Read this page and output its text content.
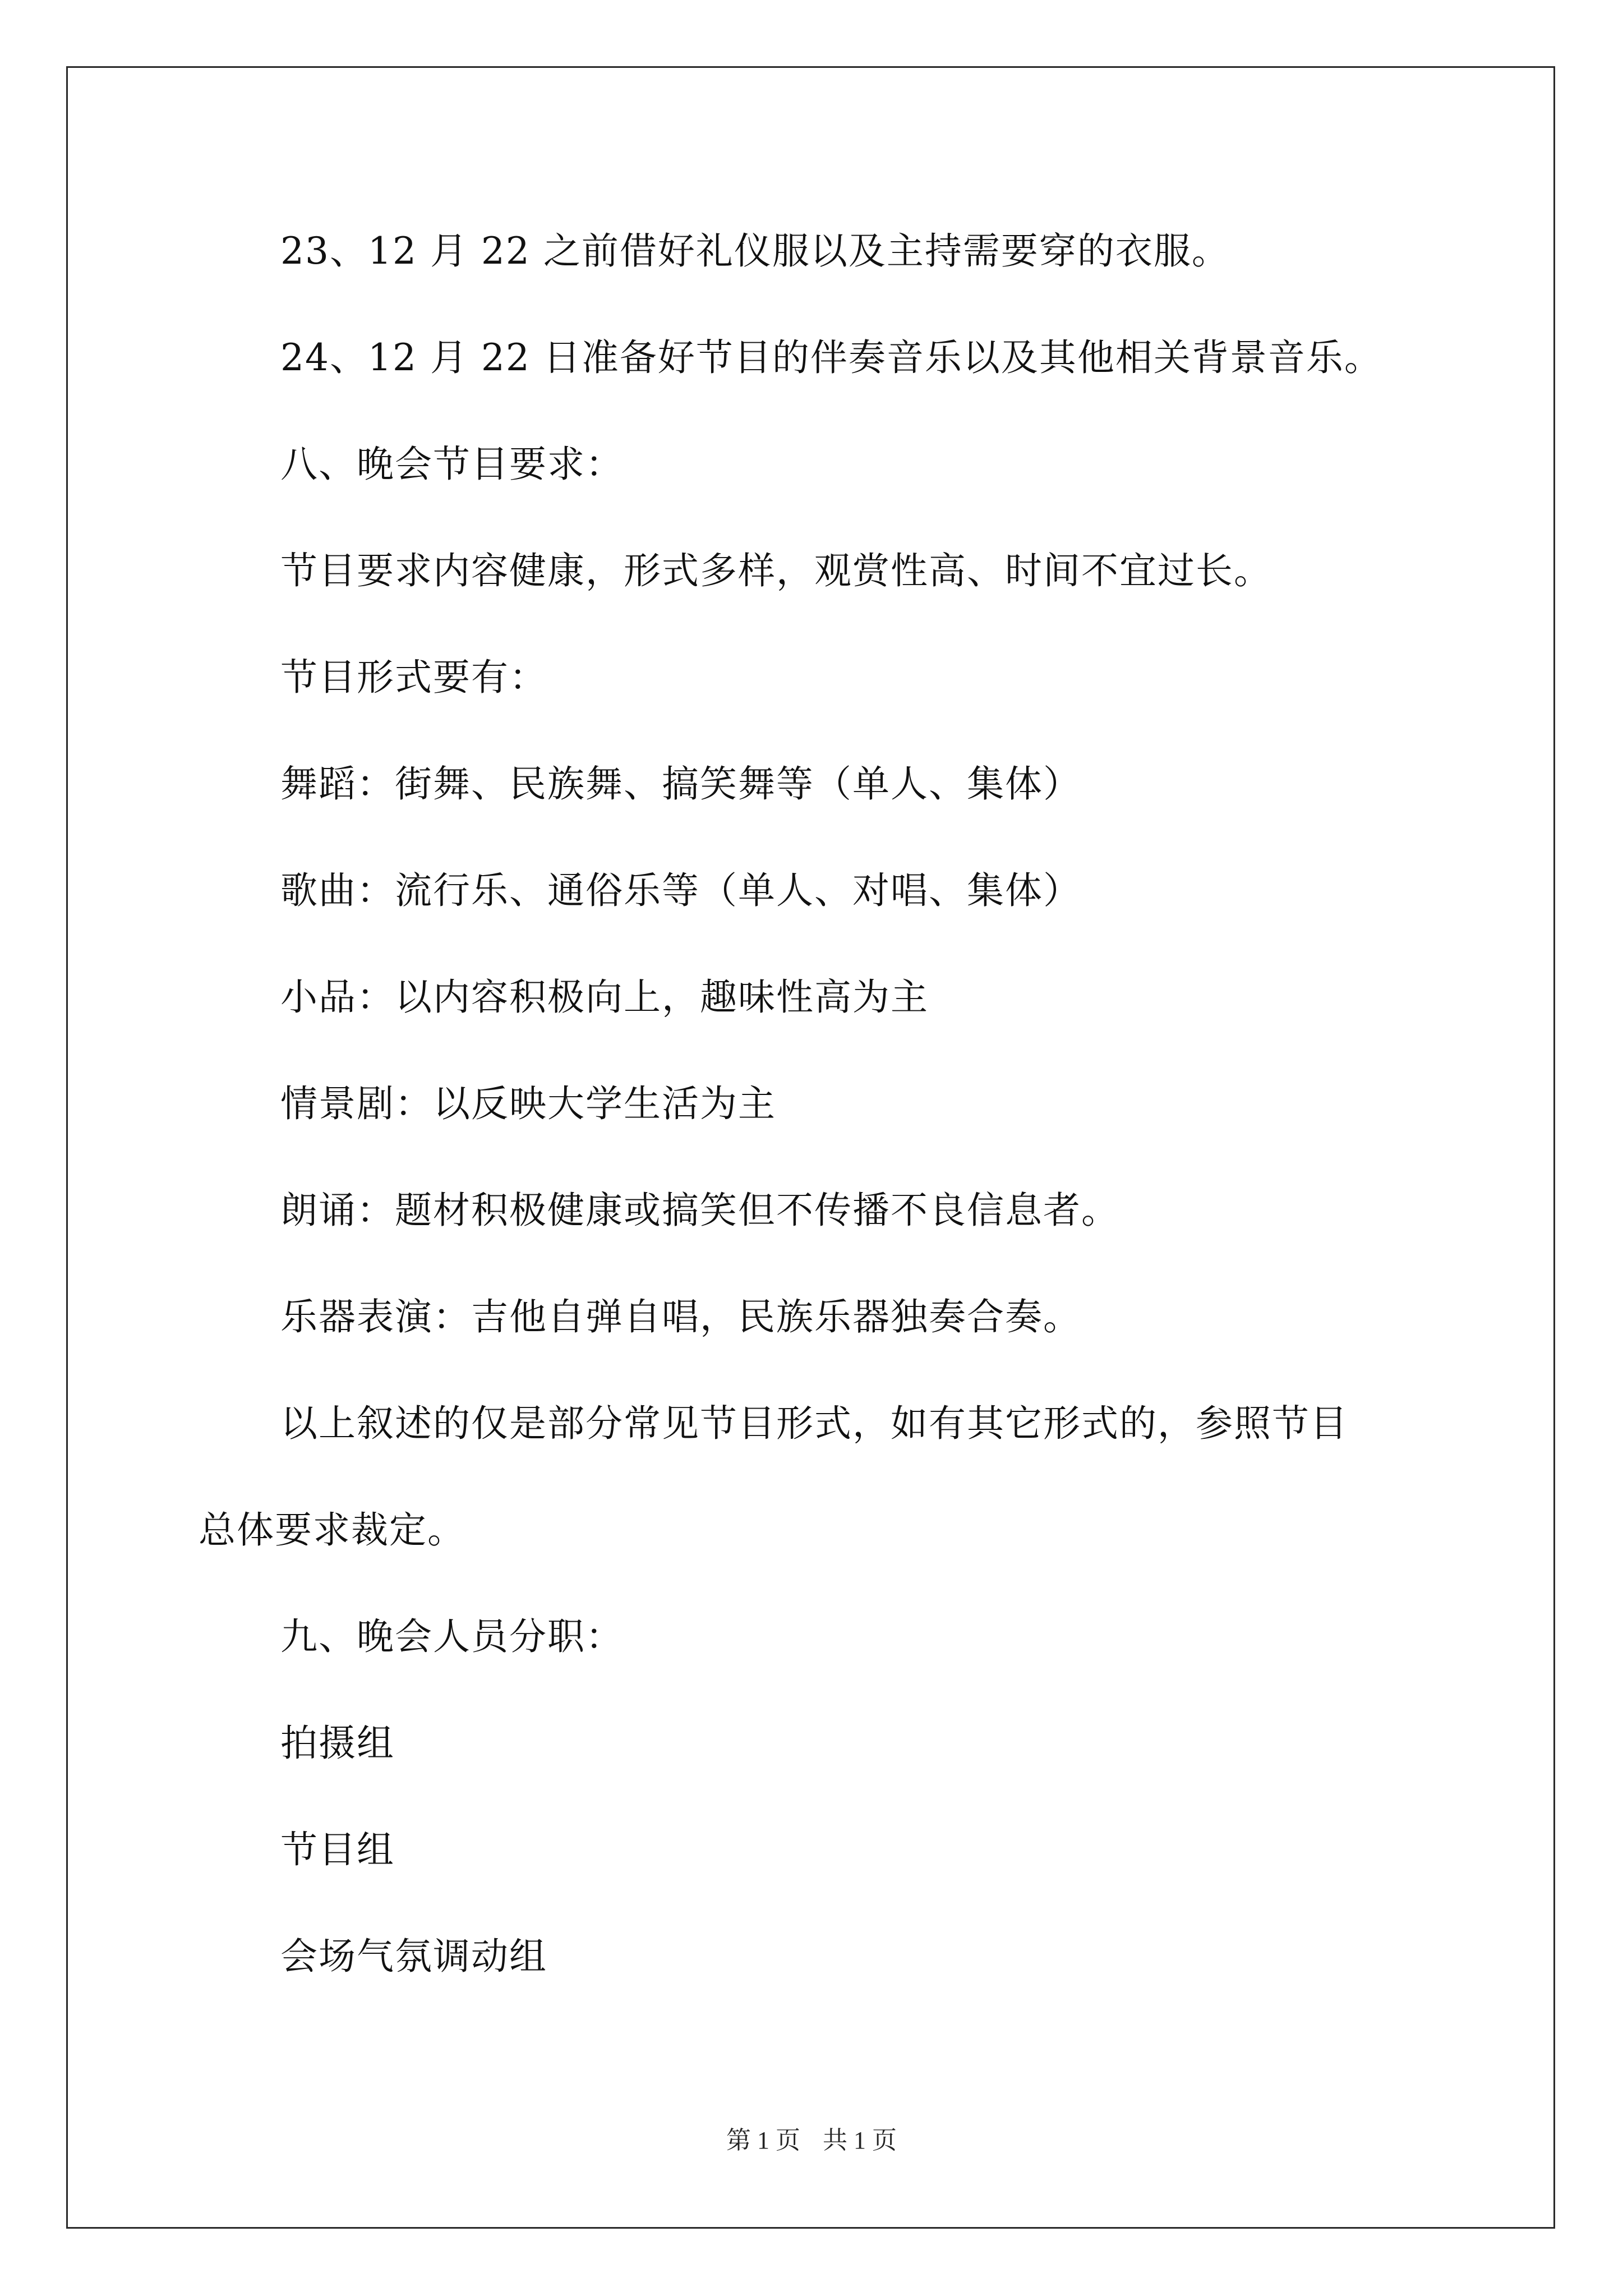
23、12 月 22 之前借好礼仪服以及主持需要穿的衣服。
24、12 月 22 日准备好节目的伴奏音乐以及其他相关背景音乐。
八、晚会节目要求：
节目要求内容健康，形式多样，观赏性高、时间不宜过长。
节目形式要有：
舞蹈：街舞、民族舞、搞笑舞等（单人、集体）
歌曲：流行乐、通俗乐等（单人、对唱、集体）
小品：以内容积极向上，趣味性高为主
情景剧：以反映大学生活为主
朗诵：题材积极健康或搞笑但不传播不良信息者。
乐器表演：吉他自弹自唱，民族乐器独奏合奏。
以上叙述的仅是部分常见节目形式，如有其它形式的，参照节目
总体要求裁定。
九、晚会人员分职：
拍摄组
节目组
会场气氛调动组
第 1 页 共 1 页
